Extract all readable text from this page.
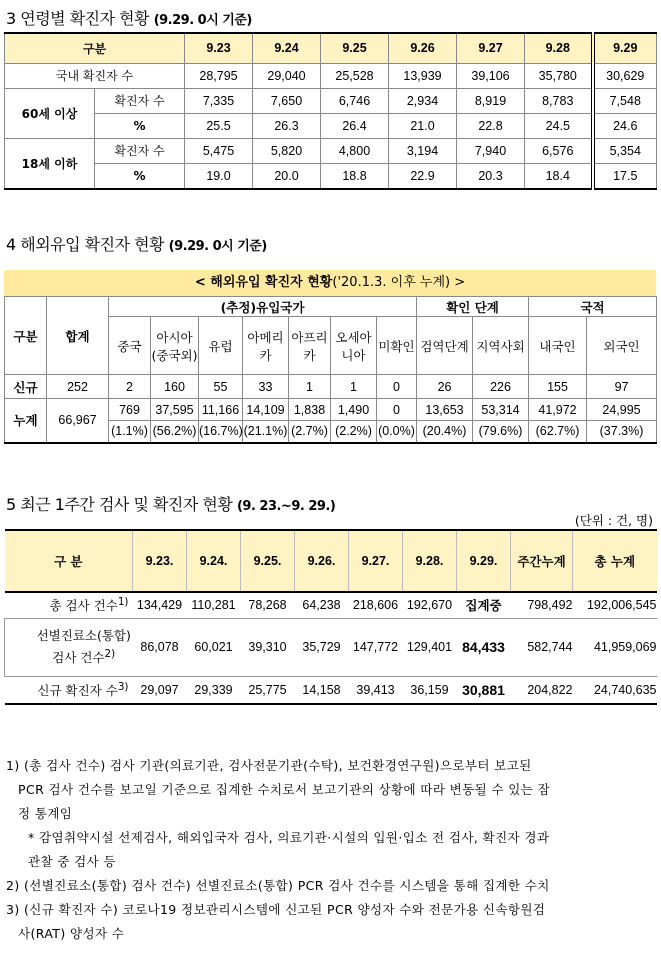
3 연령별 확진자 현황 (9.29. 0시 기준)
구분		9.23	9.24	9.25	9.26	9.27	9.28	9.29
국내 확진자 수		28,795	29,040	25,528	13,939	39,106	35,780	30,629
60세 이상	확진자 수	7,335	7,650	6,746	2,934	8,919	8,783	7,548
	%	25.5	26.3	26.4	21.0	22.8	24.5	24.6
18세 이하	확진자 수	5,475	5,820	4,800	3,194	7,940	6,576	5,354
	%	19.0	20.0	18.8	22.9	20.3	18.4	17.5
4 해외유입 확진자 현황 (9.29. 0시 기준)
< 해외유입 확진자 현황('20.1.3. 이후 누계) >
구분	합계	(추정)유입국가							확인 단계		국적	
		중국	아시아(중국외)	유럽	아메리카	아프리카	오세아니아	미확인	검역단계	지역사회	내국인	외국인
신규	252	2	160	55	33	1	1	0	26	226	155	97
누계	66,967	769	37,595	11,166	14,109	1,838	1,490	0	13,653	53,314	41,972	24,995
		(1.1%)	(56.2%)	(16.7%)	(21.1%)	(2.7%)	(2.2%)	(0.0%)	(20.4%)	(79.6%)	(62.7%)	(37.3%)
5 최근 1주간 검사 및 확진자 현황 (9. 23.~9. 29.)
(단위 : 건, 명)
구 분	9.23.	9.24.	9.25.	9.26.	9.27.	9.28.	9.29.	주간누계	총 누계
총 검사 건수$^{1)}$	134,429	110,281	78,268	64,238	218,606	192,670	집계중	798,492	192,006,545
선별진료소(통합)
검사 건수$^{2)}$	86,078	60,021	39,310	35,729	147,772	129,401	84,433	582,744	41,959,069
신규 확진자 수$^{3)}$	29,097	29,339	25,775	14,158	39,413	36,159	30,881	204,822	24,740,635
1) (총 검사 건수) 검사 기관(의료기관, 검사전문기관(수탁), 보건환경연구원)으로부터 보고된
PCR 검사 건수를 보고일 기준으로 집계한 수치로서 보고기관의 상황에 따라 변동될 수 있는 잠
정 통계임
* 감염취약시설 선제검사, 해외입국자 검사, 의료기관·시설의 입원·입소 전 검사, 확진자 경과
관찰 중 검사 등
2) (선별진료소(통합) 검사 건수) 선별진료소(통합) PCR 검사 건수를 시스템을 통해 집계한 수치
3) (신규 확진자 수) 코로나19 정보관리시스템에 신고된 PCR 양성자 수와 전문가용 신속항원검
사(RAT) 양성자 수
